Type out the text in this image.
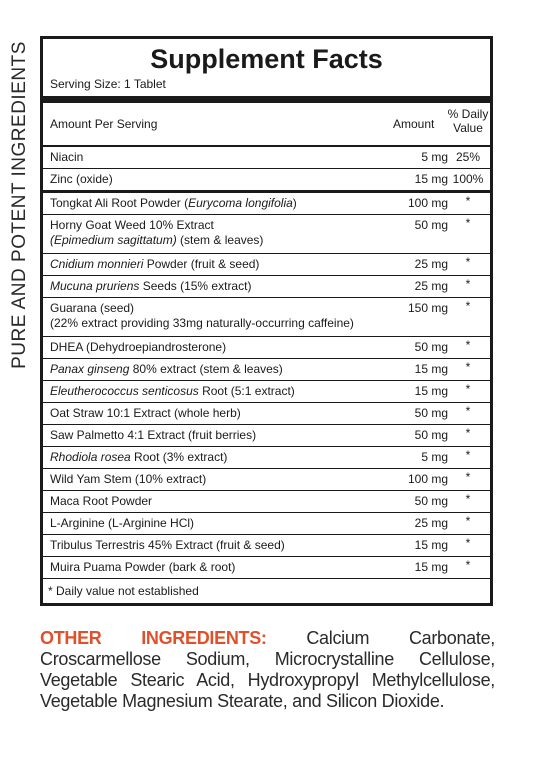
PURE AND POTENT INGREDIENTS	Supplement Facts
Serving Size: 1 Tablet
Amount Per Serving	Amount
% Daily
Value
Niacin	5 mg 25%
Zinc (oxide)	15 mg 100%
Tongkat Ali Root Powder (Eurycoma longifolia)	100 mg	*
Horny Goat Weed 10% Extract
(Epimedium sagittatum) (stem & leaves)
50 mg	*
Cnidium monnieri Powder (fruit & seed)	25 mg	*
Mucuna pruriens Seeds (15% extract)	25 mg	*
Guarana (seed)
(22% extract providing 33mg naturally-occurring caffeine)
150 mg	*
DHEA (Dehydroepiandrosterone)	50 mg	*
Panax ginseng 80% extract (stem & leaves)	15 mg	*
Eleutherococcus senticosus Root (5:1 extract)	15 mg	*
Oat Straw 10:1 Extract (whole herb)	50 mg	*
Saw Palmetto 4:1 Extract (fruit berries)	50 mg	*
Rhodiola rosea Root (3% extract)	5 mg	*
Wild Yam Stem (10% extract)	100 mg	*
Maca Root Powder	50 mg	*
L-Arginine (L-Arginine HCl)	25 mg	*
Tribulus Terrestris 45% Extract (fruit & seed)	15 mg	*
Muira Puama Powder (bark & root)	15 mg	*
* Daily value not established
OTHER INGREDIENTS: Calcium Carbonate, Croscarmellose Sodium, Microcrystalline Cellulose, Vegetable Stearic Acid, Hydroxypropyl Methylcellulose, Vegetable Magnesium Stearate, and Silicon Dioxide.
